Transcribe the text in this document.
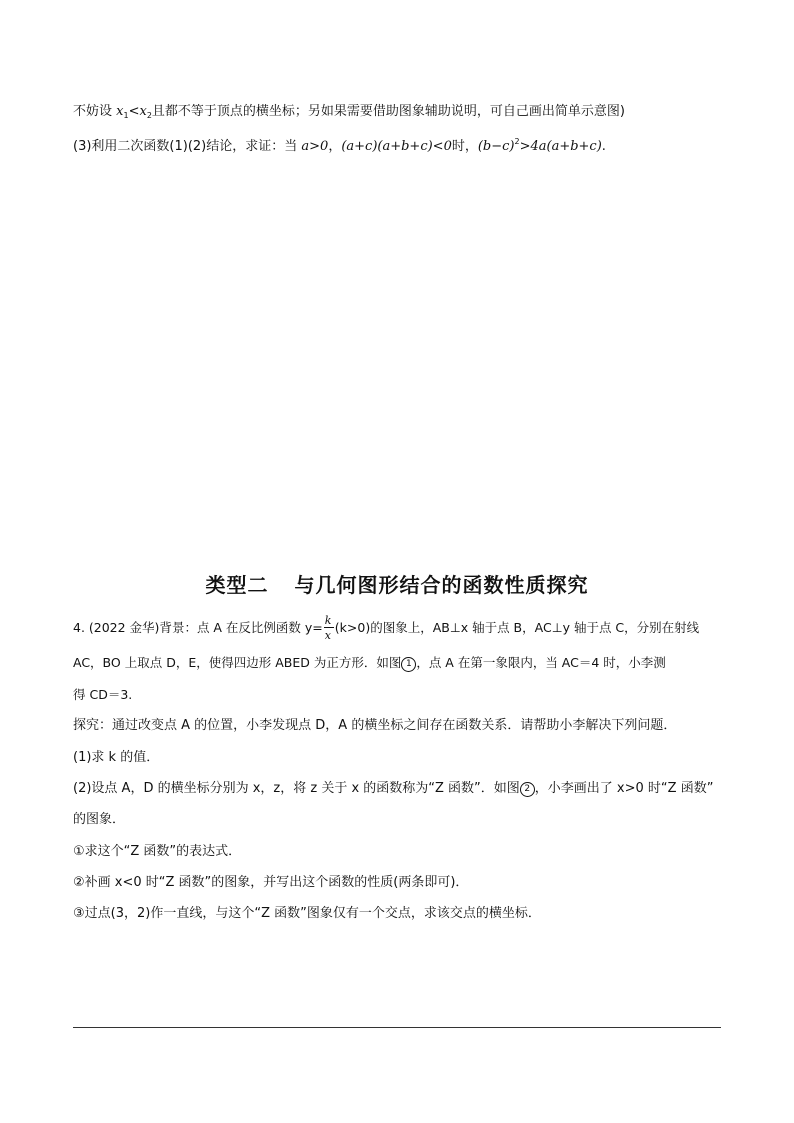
不妨设 $x_1<x_2$且都不等于顶点的横坐标；另如果需要借助图象辅助说明，可自己画出简单示意图)
(3)利用二次函数(1)(2)结论，求证：当 a>0，(a+c)(a+b+c)<0时，$(b-c)^2>4a(a+b+c)$.
类型二 与几何图形结合的函数性质探究
4. (2022 金华)背景：点 A 在反比例函数 $y= \frac{k}{x} (k>0)$的图象上，AB⊥x 轴于点 B，AC⊥y 轴于点 C，分别在射线
AC，BO 上取点 D，E，使得四边形 ABED 为正方形．如图 1 ，点 A 在第一象限内，当 AC＝4 时，小李测
得 CD＝3.
探究：通过改变点 A 的位置，小李发现点 D，A 的横坐标之间存在函数关系．请帮助小李解决下列问题．
(1)求 k 的值．
(2)设点 A，D 的横坐标分别为 x，z，将 z 关于 x 的函数称为“Z 函数”．如图 2 ，小李画出了 x>0 时“Z 函数”
的图象．
①求这个“Z 函数”的表达式．
②补画 x<0 时“Z 函数”的图象，并写出这个函数的性质(两条即可)．
③过点(3，2)作一直线，与这个“Z 函数”图象仅有一个交点，求该交点的横坐标．
